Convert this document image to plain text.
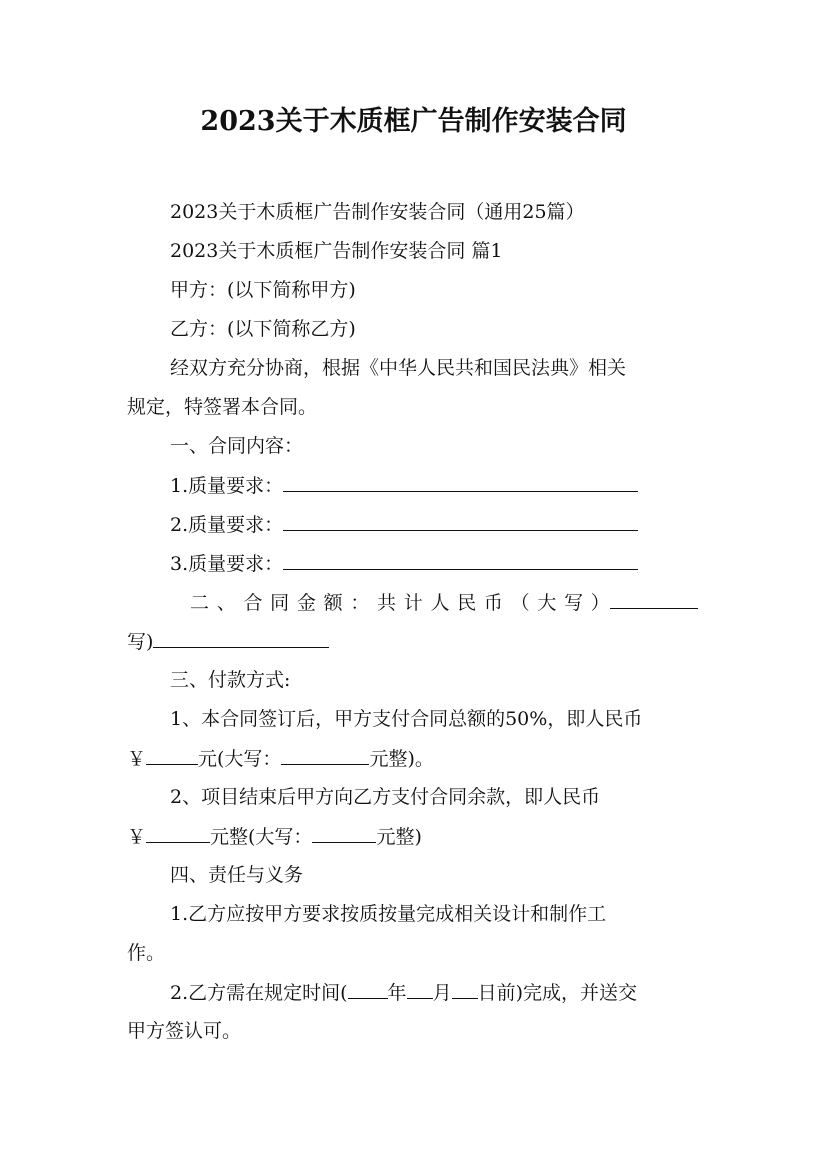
2023关于木质框广告制作安装合同
2023关于木质框广告制作安装合同（通用25篇）
2023关于木质框广告制作安装合同 篇1
甲方：(以下简称甲方)
乙方：(以下简称乙方)
经双方充分协商，根据《中华人民共和国民法典》相关
规定，特签署本合同。
一、合同内容：
1.质量要求：
2.质量要求：
3.质量要求：
二 、 合 同 金 额 ： 共 计 人 民 币 （ 大 写 ）
写)
三、付款方式:
1、本合同签订后，甲方支付合同总额的50%，即人民币
￥	元(大写：	元整)。
2、项目结束后甲方向乙方支付合同余款，即人民币
￥	元整(大写：	元整)
四、责任与义务
1.乙方应按甲方要求按质按量完成相关设计和制作工
作。
2.乙方需在规定时间( 年 月 日前)完成，并送交
甲方签认可。
